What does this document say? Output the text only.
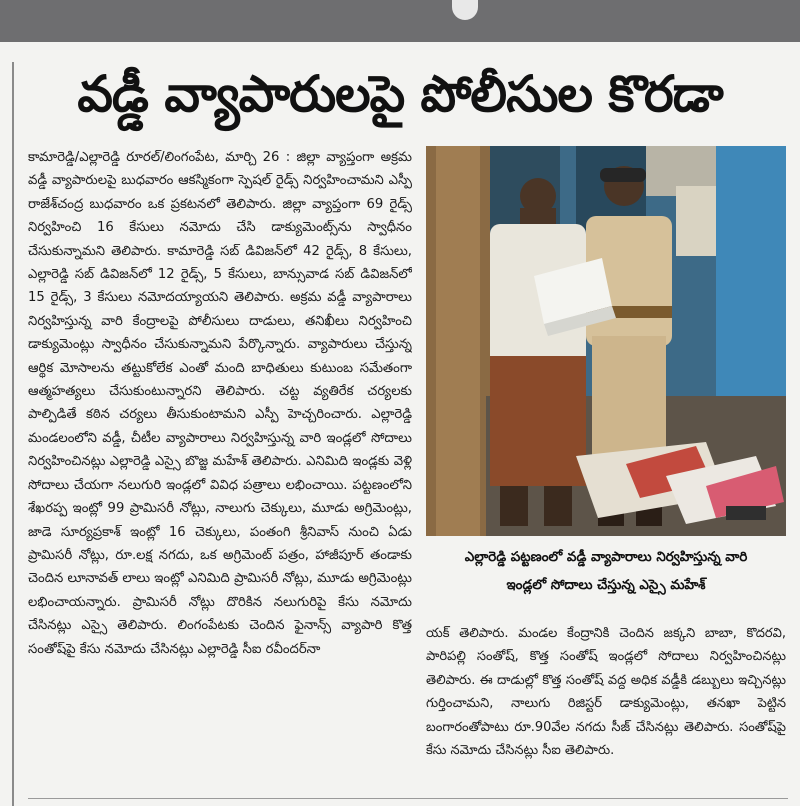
వడ్డీ వ్యాపారులపై పోలీసుల కొరడా

కామారెడ్డి/ఎల్లారెడ్డి రూరల్/లింగంపేట, మార్చి 26 : జిల్లా వ్యాప్తంగా అక్రమ వడ్డీ వ్యాపారులపై బుధవారం ఆకస్మికంగా స్పెషల్ రైడ్స్ నిర్వహించామని ఎస్పీ రాజేశ్‌చంద్ర బుధవారం ఒక ప్రకటనలో తెలిపారు. జిల్లా వ్యాప్తంగా 69 రైడ్స్ నిర్వహించి 16 కేసులు నమోదు చేసి డాక్యుమెంట్స్‌ను స్వాధీనం చేసుకున్నామని తెలిపారు. కామారెడ్డి సబ్ డివిజన్‌లో 42 రైడ్స్, 8 కేసులు, ఎల్లారెడ్డి సబ్ డివిజన్‌లో 12 రైడ్స్, 5 కేసులు, బాన్సువాడ సబ్ డివిజన్‌లో 15 రైడ్స్, 3 కేసులు నమోదయ్యాయని తెలిపారు. అక్రమ వడ్డీ వ్యాపారాలు నిర్వహిస్తున్న వారి కేంద్రాలపై పోలీసులు దాడులు, తనిఖీలు నిర్వహించి డాక్యుమెంట్లు స్వాధీనం చేసుకున్నామని పేర్కొన్నారు. వ్యాపారులు చేస్తున్న ఆర్థిక మోసాలను తట్టుకోలేక ఎంతో మంది బాధితులు కుటుంబ సమేతంగా ఆత్మహత్యలు చేసుకుంటున్నారని తెలిపారు. చట్ట వ్యతిరేక చర్యలకు పాల్పిడితే కఠిన చర్యలు తీసుకుంటామని ఎస్పీ హెచ్చరించారు. ఎల్లారెడ్డి మండలంలోని వడ్డీ, చీటీల వ్యాపారాలు నిర్వహిస్తున్న వారి ఇండ్లలో సోదాలు నిర్వహించినట్లు ఎల్లారెడ్డి ఎస్సై బొజ్జ మహేశ్ తెలిపారు. ఎనిమిది ఇండ్లకు వెళ్లి సోదాలు చేయగా నలుగురి ఇండ్లలో వివిధ పత్రాలు లభించాయి. పట్టణంలోని శేఖరప్ప ఇంట్లో 99 ప్రామిసరీ నోట్లు, నాలుగు చెక్కులు, మూడు అగ్రిమెంట్లు, జాడె సూర్యప్రకాశ్ ఇంట్లో 16 చెక్కులు, పంతంగి శ్రీనివాస్ నుంచి ఏడు ప్రామిసరీ నోట్లు, రూ.లక్ష నగదు, ఒక అగ్రిమెంట్ పత్రం, హాజీపూర్ తండాకు చెందిన లూనావత్ లాలు ఇంట్లో ఎనిమిది ప్రామిసరీ నోట్లు, మూడు అగ్రిమెంట్లు లభించాయన్నారు. ప్రామిసరీ నోట్లు దొరికిన నలుగురిపై కేసు నమోదు చేసినట్లు ఎస్సై తెలిపారు. లింగంపేటకు చెందిన ఫైనాన్స్ వ్యాపారి కొత్త సంతోష్‌పై కేసు నమోదు చేసినట్లు ఎల్లారెడ్డి సీఐ రవీందర్‌నా

ఎల్లారెడ్డి పట్టణంలో వడ్డీ వ్యాపారాలు నిర్వహిస్తున్న వారి
ఇండ్లలో సోదాలు చేస్తున్న ఎస్సై మహేశ్

యక్ తెలిపారు. మండల కేంద్రానికి చెందిన జక్కని బాబా, కొదరవి, పారిపల్లి సంతోష్, కొత్త సంతోష్ ఇండ్లలో సోదాలు నిర్వహించినట్లు తెలిపారు. ఈ దాడుల్లో కొత్త సంతోష్ వద్ద అధిక వడ్డీకి డబ్బులు ఇచ్చినట్లు గుర్తించామని, నాలుగు రిజిస్టర్ డాక్యుమెంట్లు, తనఖా పెట్టిన బంగారంతోపాటు రూ.90వేల నగదు సీజ్ చేసినట్లు తెలిపారు. సంతోష్‌పై కేసు నమోదు చేసినట్లు సీఐ తెలిపారు.
